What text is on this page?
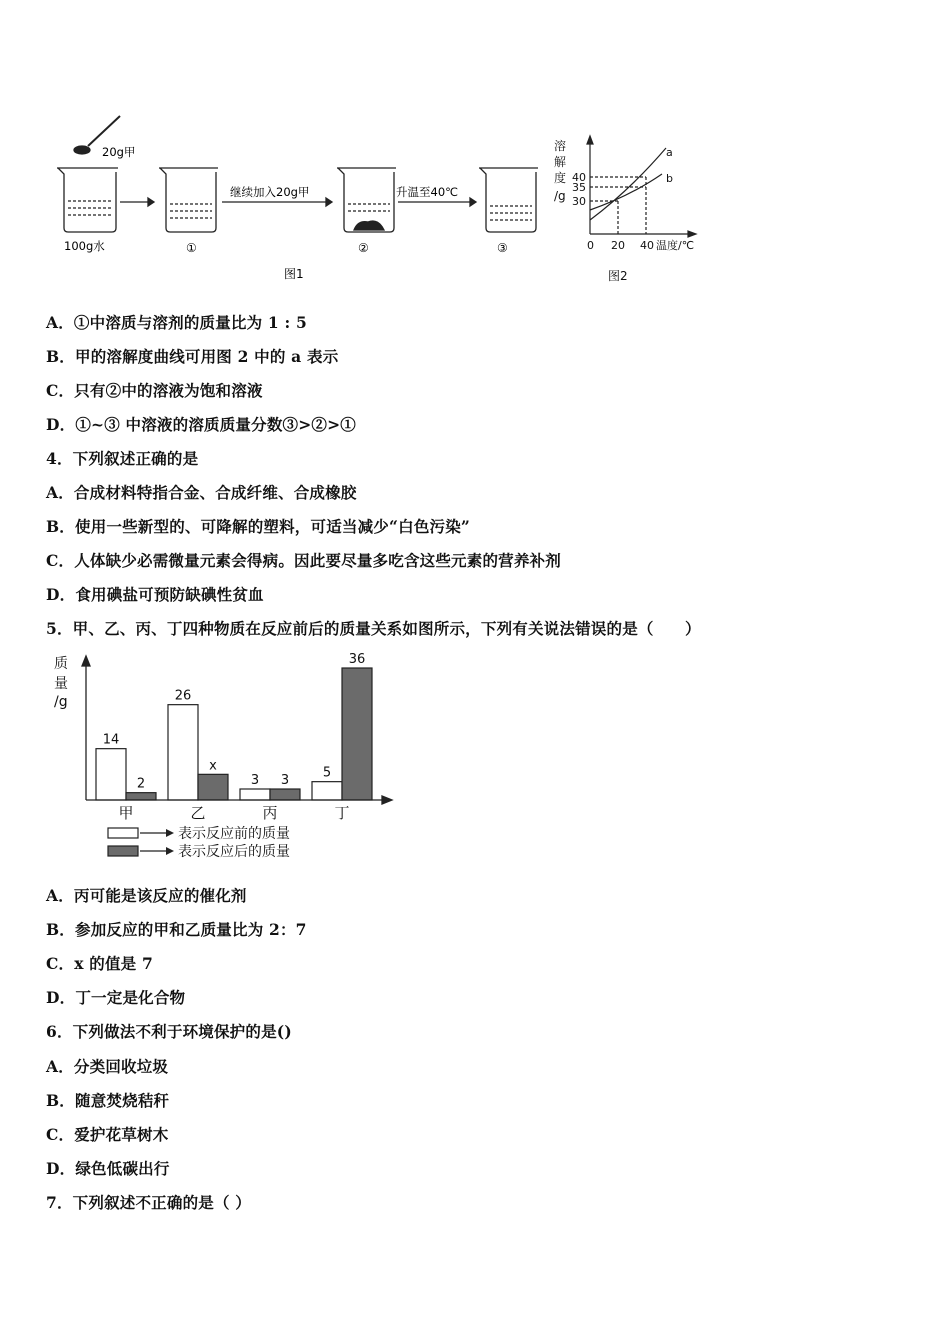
20g甲
100g水	①
继续加入20g甲
②
升温至40℃
③
图1
溶
解
度
/g
40
35
30
0 20 40 温度/℃
a
b
图2
A．①中溶质与溶剂的质量比为 1 : 5
B．甲的溶解度曲线可用图 2 中的 a 表示
C．只有②中的溶液为饱和溶液
D．①~③ 中溶液的溶质质量分数③>②>①
4．下列叙述正确的是
A．合成材料特指合金、合成纤维、合成橡胶
B．使用一些新型的、可降解的塑料，可适当减少“白色污染”
C．人体缺少必需微量元素会得病。因此要尽量多吃含这些元素的营养补剂
D．食用碘盐可预防缺碘性贫血
5．甲、乙、丙、丁四种物质在反应前后的质量关系如图所示，下列有关说法错误的是（　　）
质
量
/g
14
2
26
x
3 3	5
36
甲	乙	丙	丁
表示反应前的质量
表示反应后的质量
A．丙可能是该反应的催化剂
B．参加反应的甲和乙质量比为 2：7
C．x 的值是 7
D．丁一定是化合物
6．下列做法不利于环境保护的是()
A．分类回收垃圾
B．随意焚烧秸秆
C．爱护花草树木
D．绿色低碳出行
7．下列叙述不正确的是（ ）
